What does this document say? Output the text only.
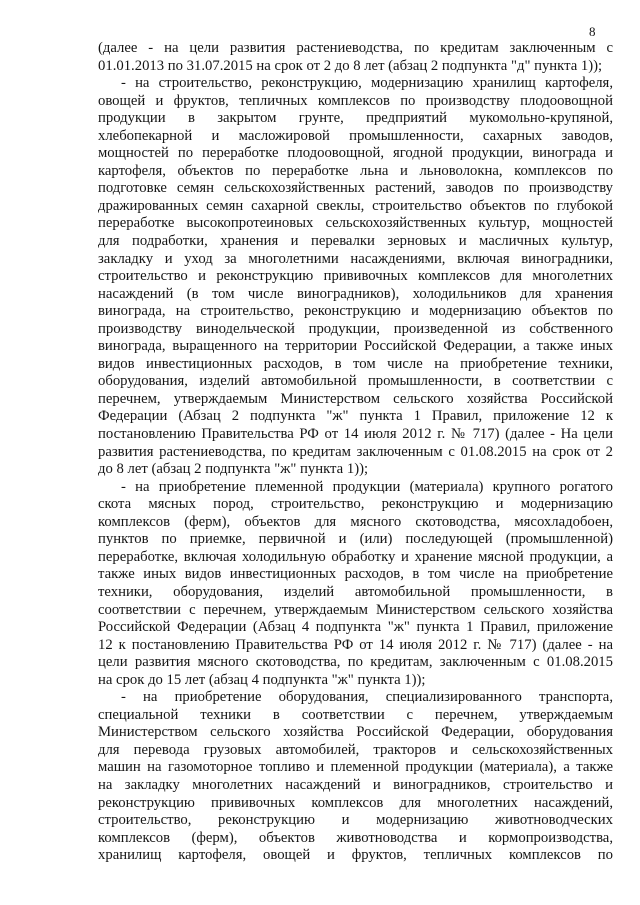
8
(далее - на цели развития растениеводства, по кредитам заключенным с
01.01.2013 по 31.07.2015 на срок от 2 до 8 лет (абзац 2 подпункта "д" пункта 1));
- на строительство, реконструкцию, модернизацию хранилищ картофеля,
овощей и фруктов, тепличных комплексов по производству плодоовощной
продукции в закрытом грунте, предприятий мукомольно-крупяной,
хлебопекарной и масложировой промышленности, сахарных заводов,
мощностей по переработке плодоовощной, ягодной продукции, винограда и
картофеля, объектов по переработке льна и льноволокна, комплексов по
подготовке семян сельскохозяйственных растений, заводов по производству
дражированных семян сахарной свеклы, строительство объектов по глубокой
переработке высокопротеиновых сельскохозяйственных культур, мощностей
для подработки, хранения и перевалки зерновых и масличных культур,
закладку и уход за многолетними насаждениями, включая виноградники,
строительство и реконструкцию прививочных комплексов для многолетних
насаждений (в том числе виноградников), холодильников для хранения
винограда, на строительство, реконструкцию и модернизацию объектов по
производству винодельческой продукции, произведенной из собственного
винограда, выращенного на территории Российской Федерации, а также иных
видов инвестиционных расходов, в том числе на приобретение техники,
оборудования, изделий автомобильной промышленности, в соответствии с
перечнем, утверждаемым Министерством сельского хозяйства Российской
Федерации (Абзац 2 подпункта "ж" пункта 1 Правил, приложение 12 к
постановлению Правительства РФ от 14 июля 2012 г. № 717) (далее - На цели
развития растениеводства, по кредитам заключенным с 01.08.2015 на срок от 2
до 8 лет (абзац 2 подпункта "ж" пункта 1));
- на приобретение племенной продукции (материала) крупного рогатого
скота мясных пород, строительство, реконструкцию и модернизацию
комплексов (ферм), объектов для мясного скотоводства, мясохладобоен,
пунктов по приемке, первичной и (или) последующей (промышленной)
переработке, включая холодильную обработку и хранение мясной продукции, а
также иных видов инвестиционных расходов, в том числе на приобретение
техники, оборудования, изделий автомобильной промышленности, в
соответствии с перечнем, утверждаемым Министерством сельского хозяйства
Российской Федерации (Абзац 4 подпункта "ж" пункта 1 Правил, приложение
12 к постановлению Правительства РФ от 14 июля 2012 г. № 717) (далее - на
цели развития мясного скотоводства, по кредитам, заключенным с 01.08.2015
на срок до 15 лет (абзац 4 подпункта "ж" пункта 1));
- на приобретение оборудования, специализированного транспорта,
специальной техники в соответствии с перечнем, утверждаемым
Министерством сельского хозяйства Российской Федерации, оборудования
для перевода грузовых автомобилей, тракторов и сельскохозяйственных
машин на газомоторное топливо и племенной продукции (материала), а также
на закладку многолетних насаждений и виноградников, строительство и
реконструкцию прививочных комплексов для многолетних насаждений,
строительство, реконструкцию и модернизацию животноводческих
комплексов (ферм), объектов животноводства и кормопроизводства,
хранилищ картофеля, овощей и фруктов, тепличных комплексов по
